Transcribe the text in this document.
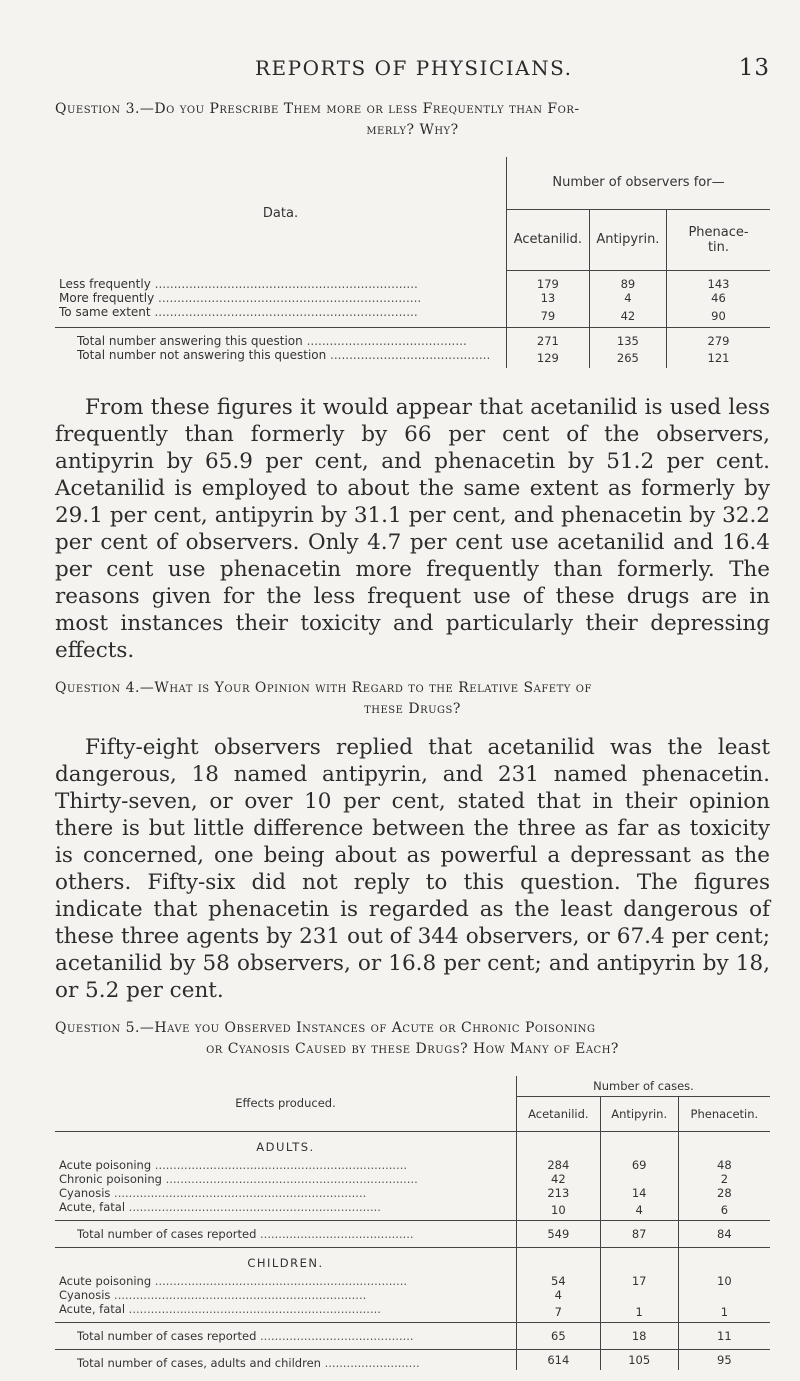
REPORTS OF PHYSICIANS.	13
Question 3.—Do you Prescribe Them more or less Frequently than For-
merly? Why?
Data.	Number of observers for—		
	Acetanilid.	Antipyrin.	Phenace-
tin.

Less frequently .....................................................................	179	89	143

More frequently .....................................................................	13	4	46

To same extent .....................................................................	79	42	90

Total number answering this question ..........................................	271	135	279

Total number not answering this question ..........................................	129	265	121

From these figures it would appear that acetanilid is used less frequently than formerly by 66 per cent of the observers, antipyrin by 65.9 per cent, and phenacetin by 51.2 per cent. Acetanilid is employed to about the same extent as formerly by 29.1 per cent, antipyrin by 31.1 per cent, and phenacetin by 32.2 per cent of observers. Only 4.7 per cent use acetanilid and 16.4 per cent use phenacetin more frequently than formerly. The reasons given for the less frequent use of these drugs are in most instances their toxicity and particularly their depressing effects.

Question 4.—What is Your Opinion with Regard to the Relative Safety of
these Drugs?

Fifty-eight observers replied that acetanilid was the least dangerous, 18 named antipyrin, and 231 named phenacetin. Thirty-seven, or over 10 per cent, stated that in their opinion there is but little difference between the three as far as toxicity is concerned, one being about as powerful a depressant as the others. Fifty-six did not reply to this question. The figures indicate that phenacetin is regarded as the least dangerous of these three agents by 231 out of 344 observers, or 67.4 per cent; acetanilid by 58 observers, or 16.8 per cent; and antipyrin by 18, or 5.2 per cent.

Question 5.—Have you Observed Instances of Acute or Chronic Poisoning
or Cyanosis Caused by these Drugs? How Many of Each?
Effects produced.	Number of cases.		
	Acetanilid.	Antipyrin.	Phenacetin.
ADULTS.			

Acute poisoning .....................................................................	284	69	48

Chronic poisoning .....................................................................	42		2

Cyanosis .....................................................................	213	14	28

Acute, fatal .....................................................................	10	4	6

Total number of cases reported ..........................................	549	87	84
CHILDREN.			

Acute poisoning .....................................................................	54	17	10

Cyanosis .....................................................................	4		

Acute, fatal .....................................................................	7	1	1

Total number of cases reported ..........................................	65	18	11

Total number of cases, adults and children ..........................	614	105	95
